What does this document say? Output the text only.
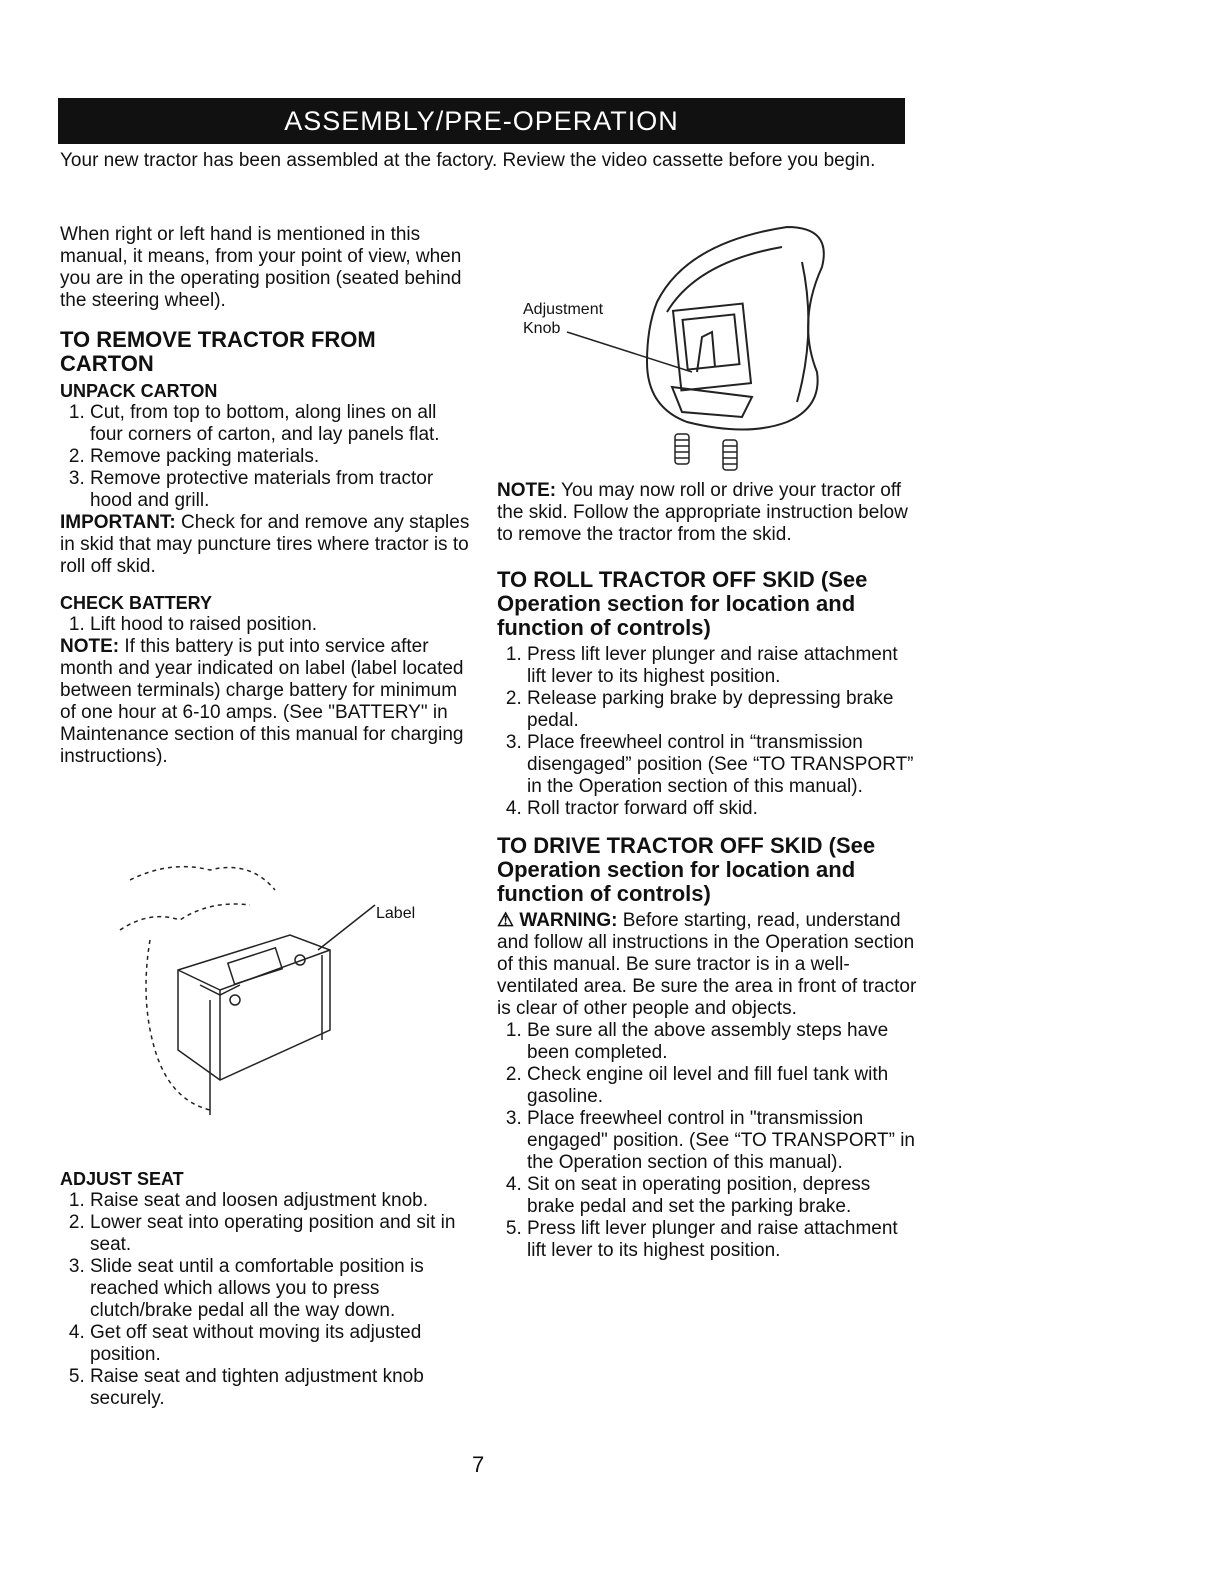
ASSEMBLY/PRE-OPERATION

Your new tractor has been assembled at the factory. Review the video cassette before you begin.

When right or left hand is mentioned in this manual, it means, from your point of view, when you are in the operating position (seated behind the steering wheel).

TO REMOVE TRACTOR FROM CARTON
UNPACK CARTON
1. Cut, from top to bottom, along lines on all four corners of carton, and lay panels flat.
2. Remove packing materials.
3. Remove protective materials from tractor hood and grill.

IMPORTANT: Check for and remove any staples in skid that may puncture tires where tractor is to roll off skid.

CHECK BATTERY
1. Lift hood to raised position.

NOTE: If this battery is put into service after month and year indicated on label (label located between terminals) charge battery for minimum of one hour at 6-10 amps. (See "BATTERY" in Maintenance section of this manual for charging instructions).

Label
ADJUST SEAT
1. Raise seat and loosen adjustment knob.
2. Lower seat into operating position and sit in seat.
3. Slide seat until a comfortable position is reached which allows you to press clutch/brake pedal all the way down.
4. Get off seat without moving its adjusted position.
5. Raise seat and tighten adjustment knob securely.
Adjustment
Knob

NOTE: You may now roll or drive your tractor off the skid. Follow the appropriate instruction below to remove the tractor from the skid.

TO ROLL TRACTOR OFF SKID (See Operation section for location and function of controls)
1. Press lift lever plunger and raise attachment lift lever to its highest position.
2. Release parking brake by depressing brake pedal.
3. Place freewheel control in “transmission disengaged” position (See “TO TRANSPORT” in the Operation section of this manual).
4. Roll tractor forward off skid.
TO DRIVE TRACTOR OFF SKID (See Operation section for location and function of controls)

⚠ WARNING: Before starting, read, understand and follow all instructions in the Operation section of this manual. Be sure tractor is in a well-ventilated area. Be sure the area in front of tractor is clear of other people and objects.

1. Be sure all the above assembly steps have been completed.
2. Check engine oil level and fill fuel tank with gasoline.
3. Place freewheel control in "transmission engaged" position. (See “TO TRANSPORT” in the Operation section of this manual).
4. Sit on seat in operating position, depress brake pedal and set the parking brake.
5. Press lift lever plunger and raise attachment lift lever to its highest position.
7
